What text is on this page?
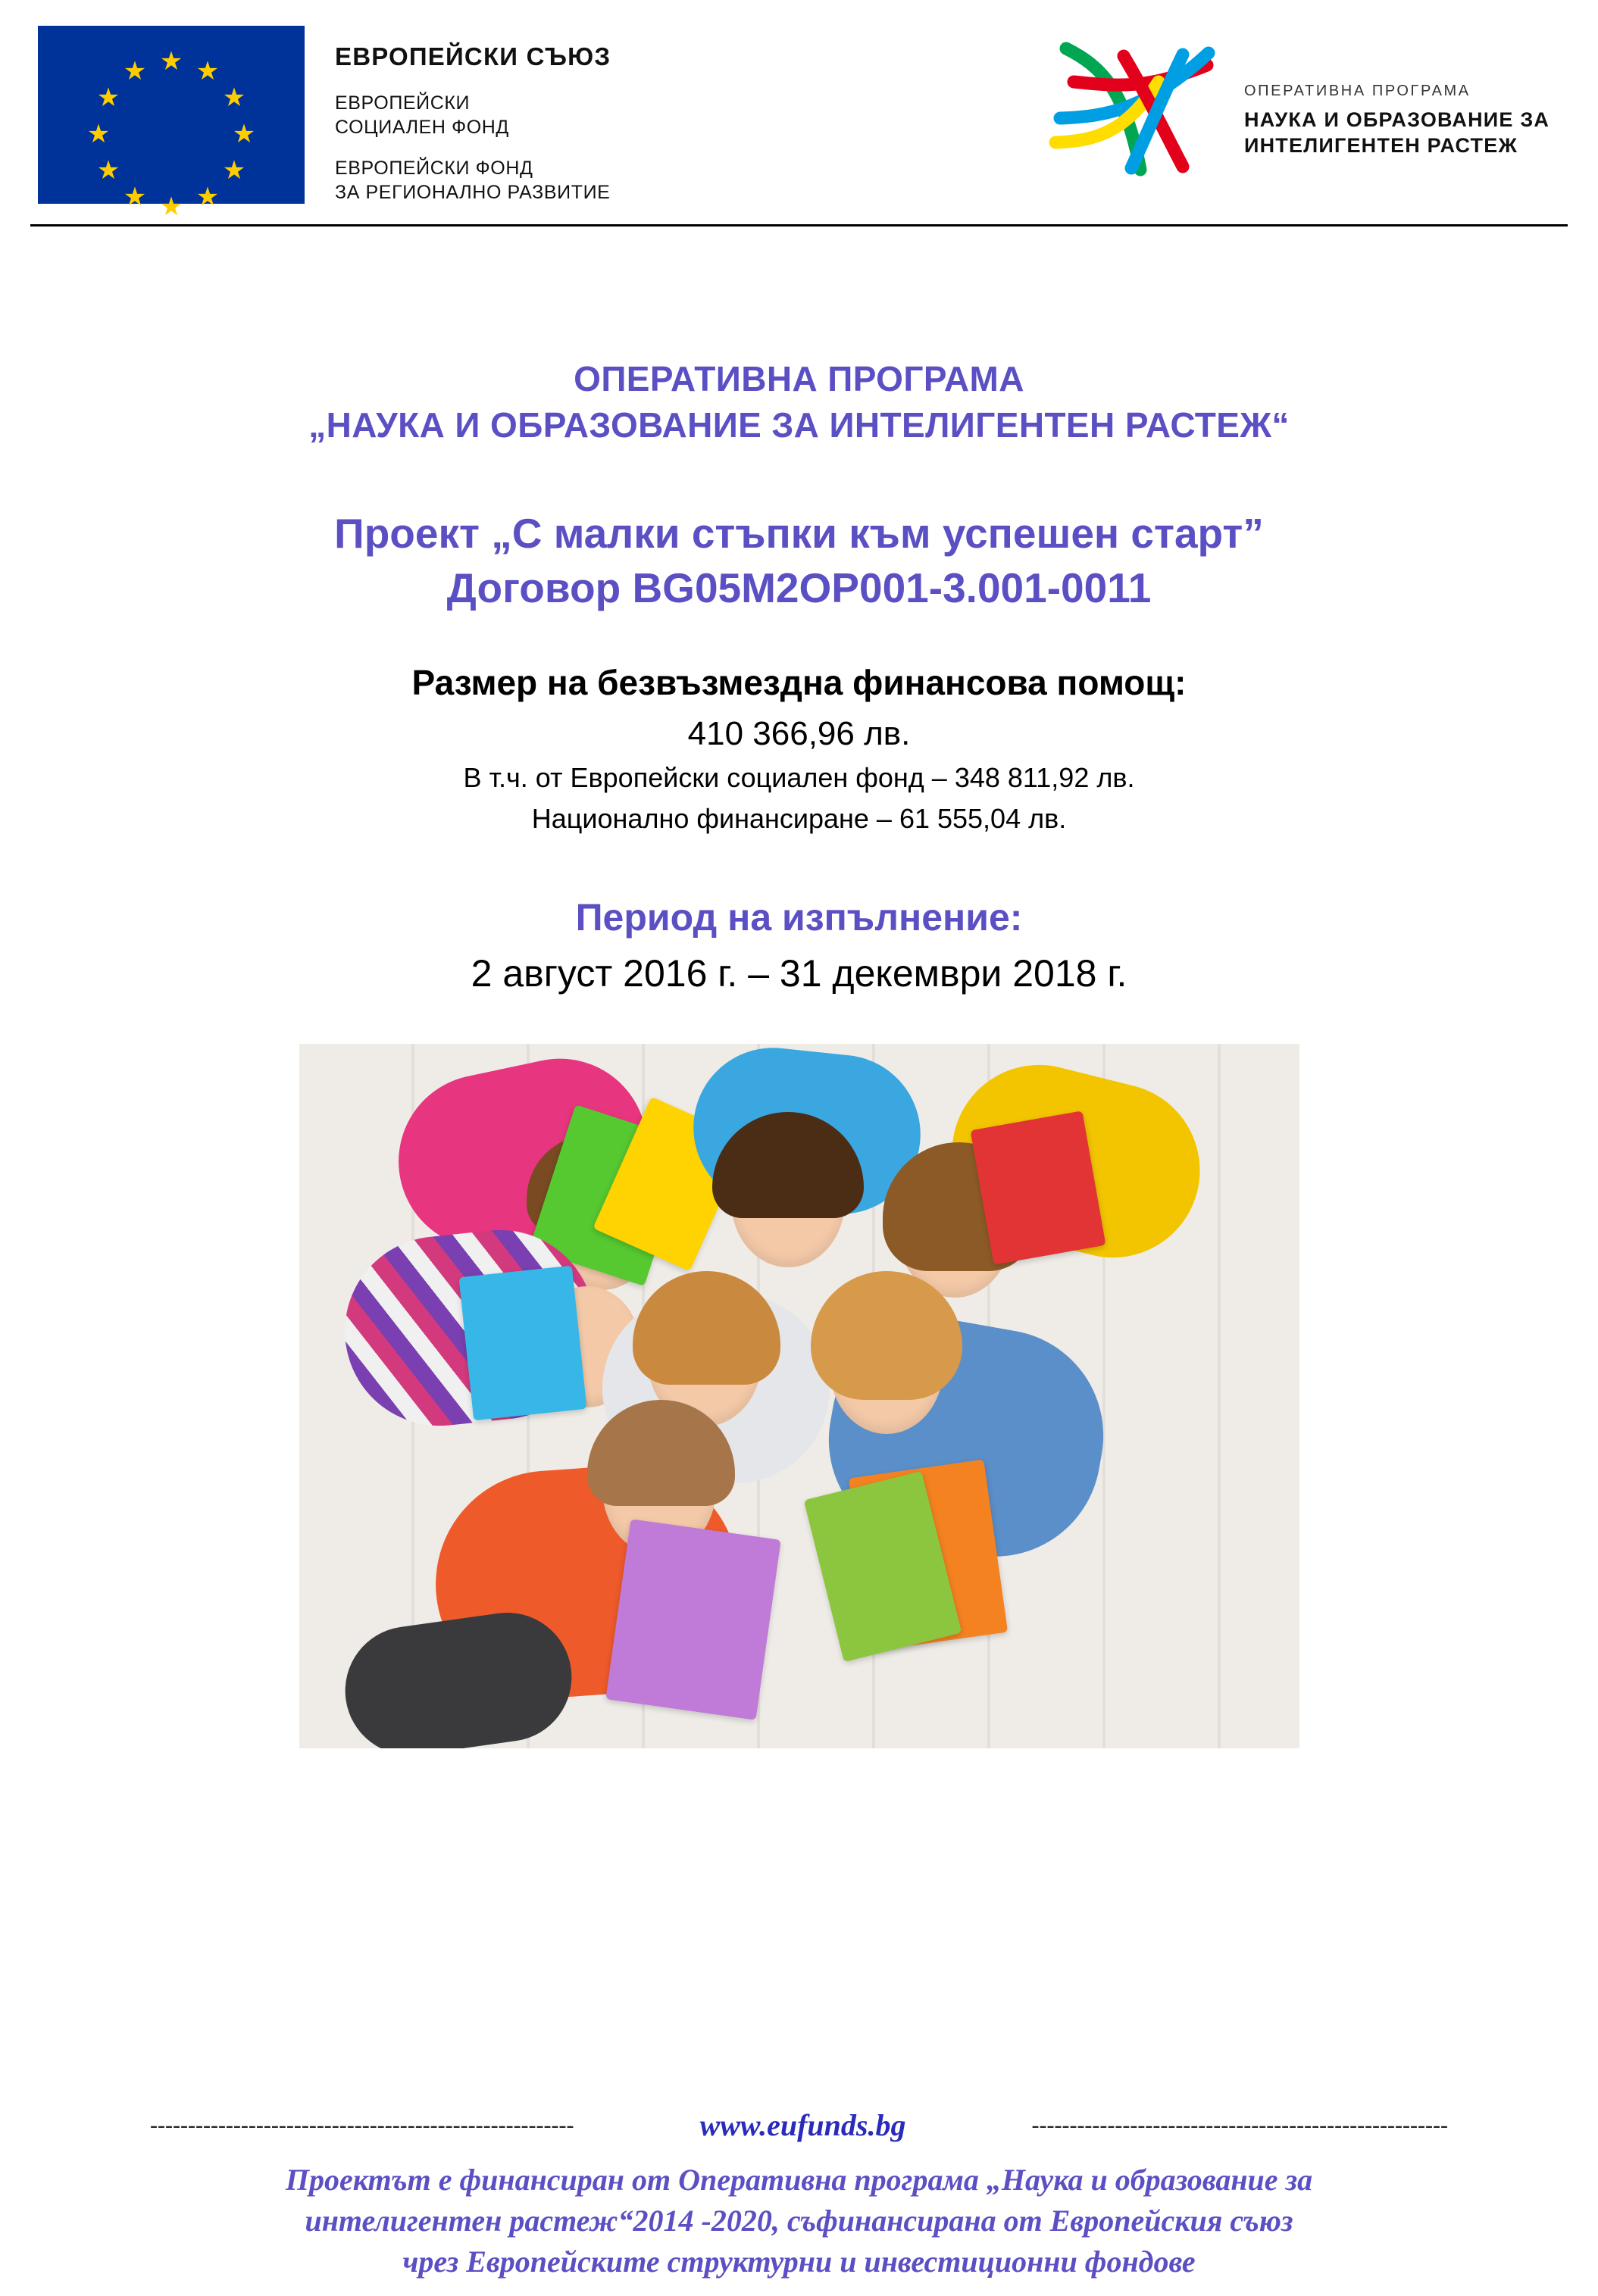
★
★
★
★
★
★ ★ ★
★
★
★
★
ЕВРОПЕЙСКИ СЪЮЗ
ЕВРОПЕЙСКИ
СОЦИАЛЕН ФОНД
ЕВРОПЕЙСКИ ФОНД
ЗА РЕГИОНАЛНО РАЗВИТИЕ
ОПЕРАТИВНА ПРОГРАМА
НАУКА И ОБРАЗОВАНИЕ ЗА
ИНТЕЛИГЕНТЕН РАСТЕЖ
ОПЕРАТИВНА ПРОГРАМА
„НАУКА И ОБРАЗОВАНИЕ ЗА ИНТЕЛИГЕНТЕН РАСТЕЖ“
Проект „С малки стъпки към успешен старт”
Договор BG05M2OP001-3.001-0011
Размер на безвъзмездна финансова помощ:
410 366,96 лв.
В т.ч. от Европейски социален фонд – 348 811,92 лв.
Национално финансиране – 61 555,04 лв.
Период на изпълнение:
2 август 2016 г. – 31 декември 2018 г.
--------------------------------------------------------	www.eufunds.bg	-------------------------------------------------------
Проектът е финансиран от Оперативна програма „Наука и образование за
интелигентен растеж“2014 -2020, съфинансирана от Европейския съюз
чрез Европейските структурни и инвестиционни фондове
